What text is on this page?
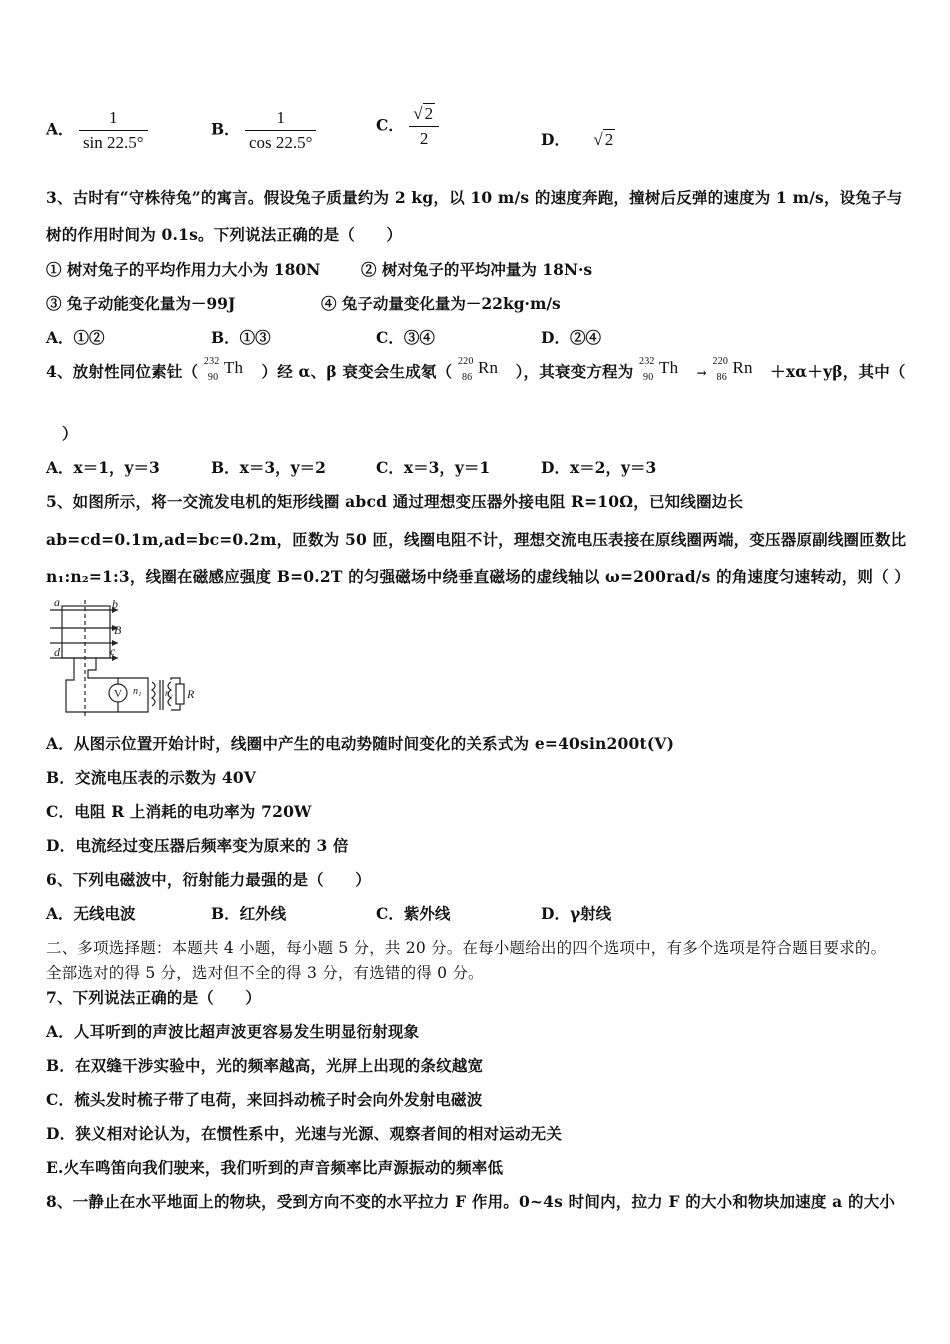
A． $\frac{1}{\sin 22.5^\circ}$	B． $\frac{1}{\cos 22.5^\circ}$	C． $\frac{√ 2}{2}$	D． √ 2
3、古时有“守株待兔”的寓言。假设兔子质量约为 2 kg，以 10 m/s 的速度奔跑，撞树后反弹的速度为 1 m/s，设兔子与
树的作用时间为 0.1s。下列说法正确的是（　　）
① 树对兔子的平均作用力大小为 180N	② 树对兔子的平均冲量为 18N·s
③ 兔子动能变化量为－99J	④ 兔子动量变化量为－22kg·m/s
A．①②	B．①③	C．③④	D．②④
4、放射性同位素钍（
232
90
Th ）经 α、β 衰变会生成氡（
220
86
Rn ），其衰变方程为
232
90
Th →
220
86
Rn ＋xα＋yβ，其中（
）
A．x＝1，y＝3	B．x＝3，y＝2	C．x＝3，y＝1	D．x＝2，y＝3
5、如图所示，将一交流发电机的矩形线圈 abcd 通过理想变压器外接电阻 R=10Ω，已知线圈边长
ab=cd=0.1m,ad=bc=0.2m，匝数为 50 匝，线圈电阻不计，理想交流电压表接在原线圈两端，变压器原副线圈匝数比
n₁:n₂=1:3，线圈在磁感应强度 B=0.2T 的匀强磁场中绕垂直磁场的虚线轴以 ω=200rad/s 的角速度匀速转动，则（ ）
a	b
B
d	c
V n₁	n₂ R
A．从图示位置开始计时，线圈中产生的电动势随时间变化的关系式为 e=40sin200t(V)
B．交流电压表的示数为 40V
C．电阻 R 上消耗的电功率为 720W
D．电流经过变压器后频率变为原来的 3 倍
6、下列电磁波中，衍射能力最强的是（　　）
A．无线电波	B．红外线	C．紫外线	D．γ射线
二、多项选择题：本题共 4 小题，每小题 5 分，共 20 分。在每小题给出的四个选项中，有多个选项是符合题目要求的。
全部选对的得 5 分，选对但不全的得 3 分，有选错的得 0 分。
7、下列说法正确的是（　　）
A．人耳听到的声波比超声波更容易发生明显衍射现象
B．在双缝干涉实验中，光的频率越高，光屏上出现的条纹越宽
C．梳头发时梳子带了电荷，来回抖动梳子时会向外发射电磁波
D．狭义相对论认为，在惯性系中，光速与光源、观察者间的相对运动无关
E.火车鸣笛向我们驶来，我们听到的声音频率比声源振动的频率低
8、一静止在水平地面上的物块，受到方向不变的水平拉力 F 作用。0~4s 时间内，拉力 F 的大小和物块加速度 a 的大小
